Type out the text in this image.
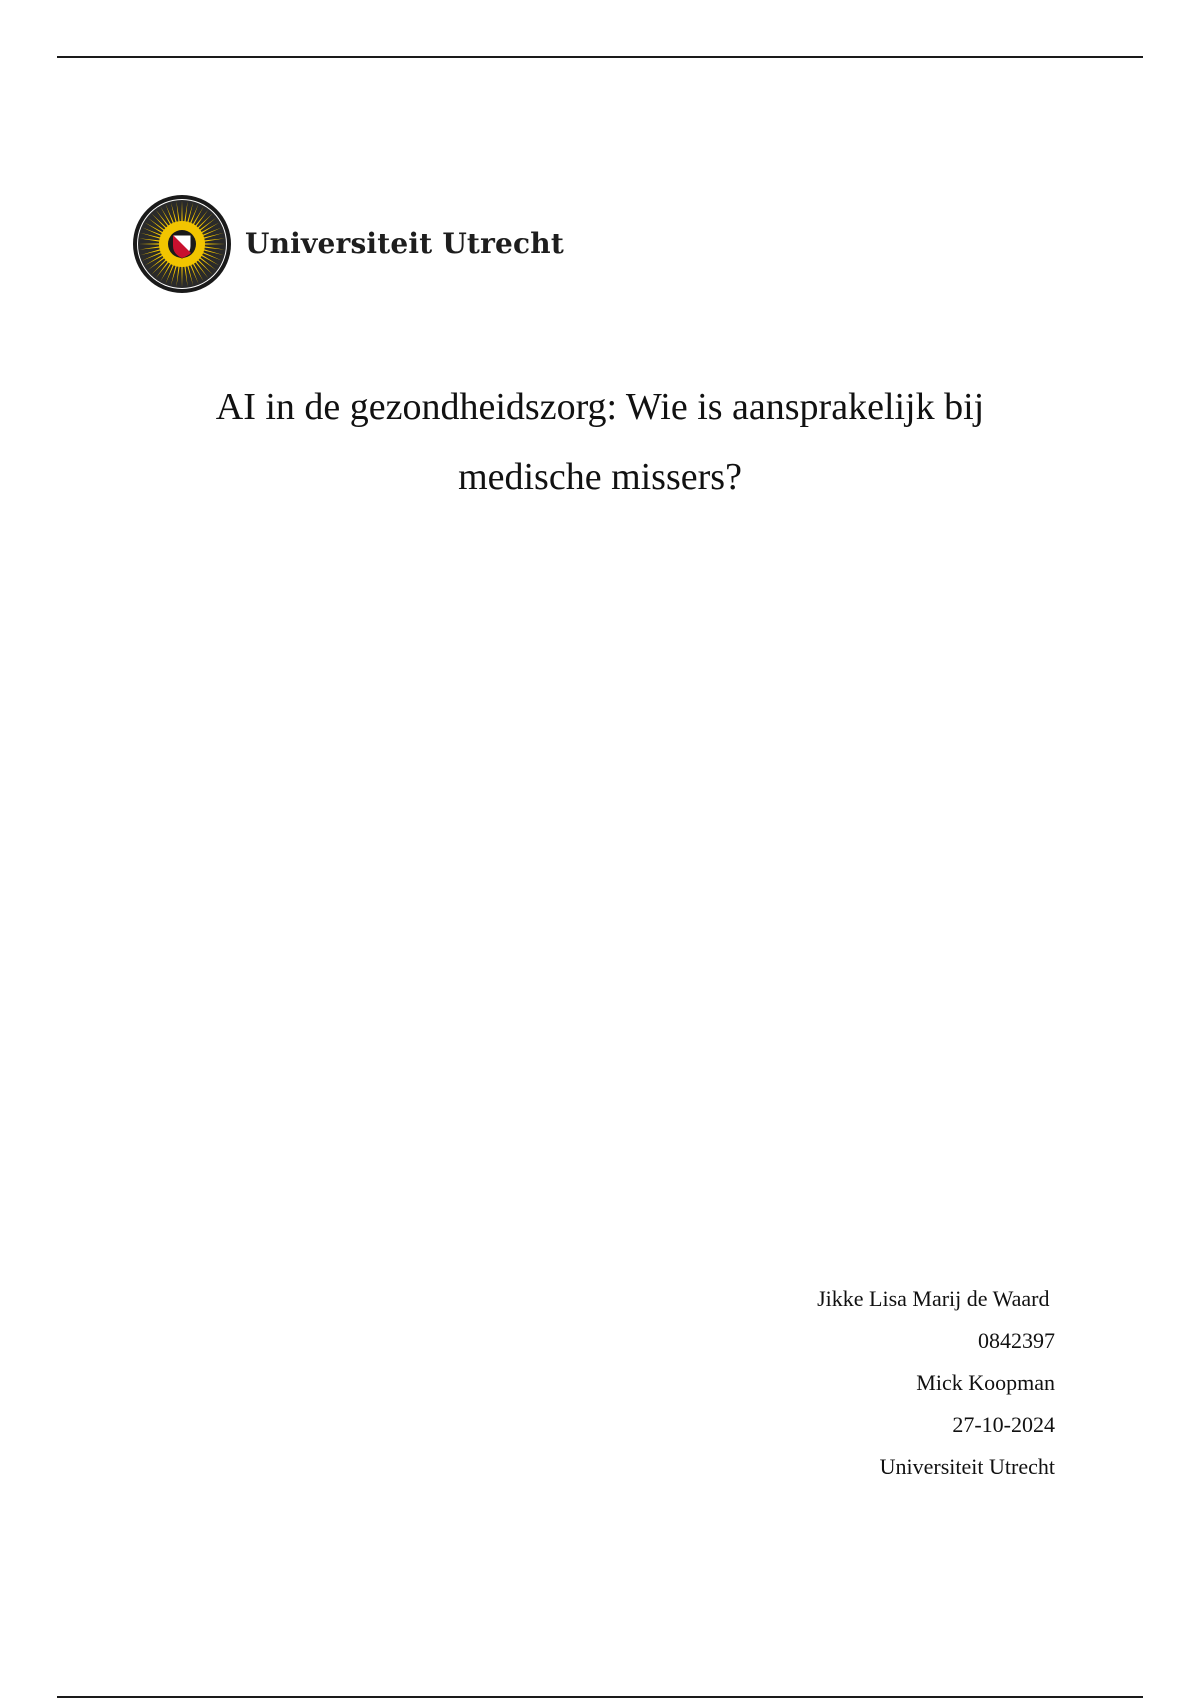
Universiteit Utrecht
AI in de gezondheidszorg: Wie is aansprakelijk bij
medische missers?
Jikke Lisa Marij de Waard
0842397
Mick Koopman
27-10-2024
Universiteit Utrecht
